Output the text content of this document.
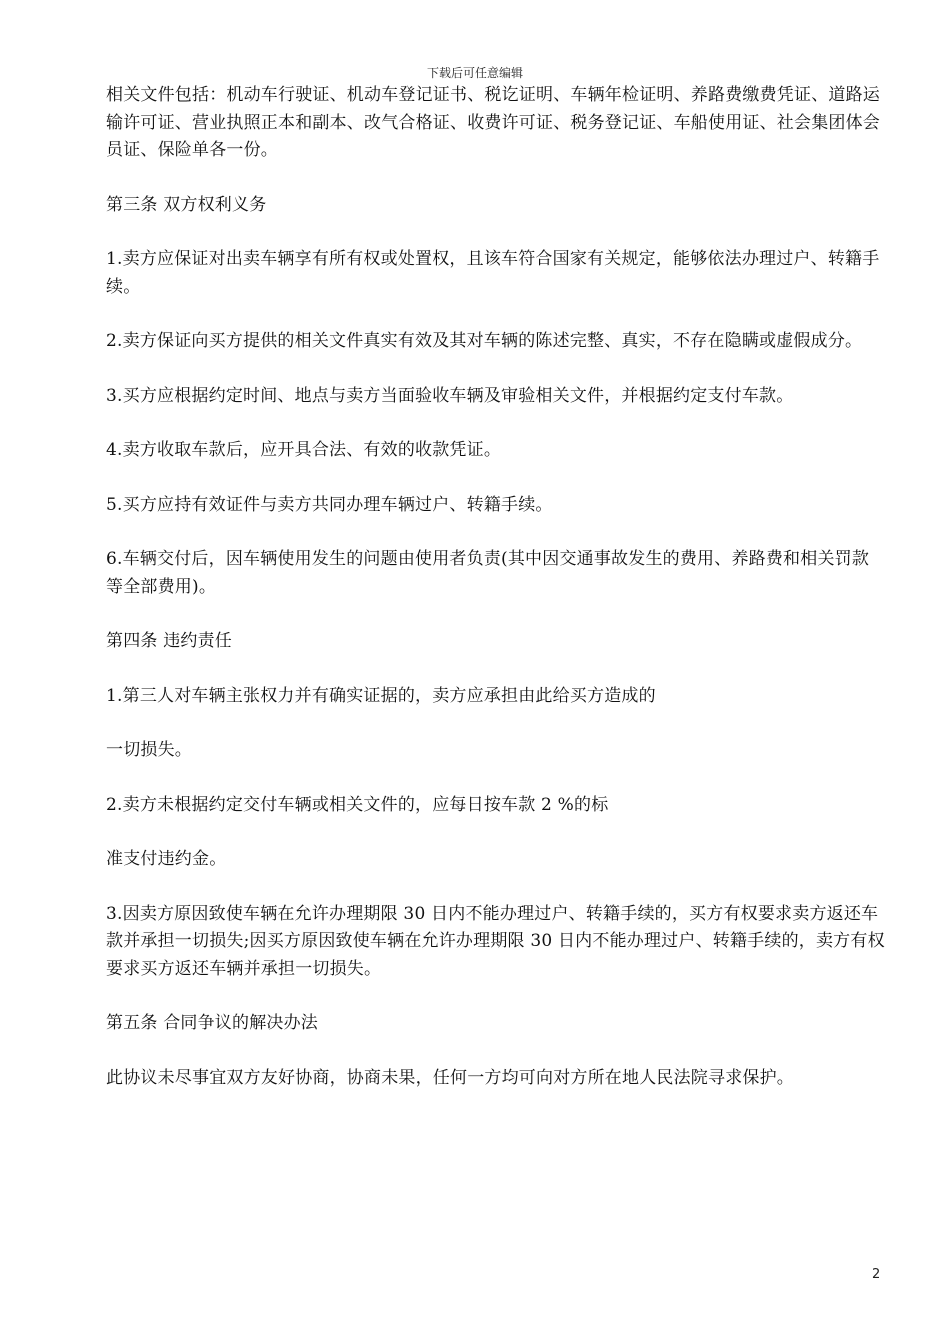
下载后可任意编辑

相关文件包括：机动车行驶证、机动车登记证书、税讫证明、车辆年检证明、养路费缴费凭证、道路运输许可证、营业执照正本和副本、改气合格证、收费许可证、税务登记证、车船使用证、社会集团体会员证、保险单各一份。

第三条 双方权利义务

1.卖方应保证对出卖车辆享有所有权或处置权，且该车符合国家有关规定，能够依法办理过户、转籍手续。

2.卖方保证向买方提供的相关文件真实有效及其对车辆的陈述完整、真实，不存在隐瞒或虚假成分。

3.买方应根据约定时间、地点与卖方当面验收车辆及审验相关文件，并根据约定支付车款。

4.卖方收取车款后，应开具合法、有效的收款凭证。

5.买方应持有效证件与卖方共同办理车辆过户、转籍手续。

6.车辆交付后，因车辆使用发生的问题由使用者负责(其中因交通事故发生的费用、养路费和相关罚款等全部费用)。

第四条 违约责任

1.第三人对车辆主张权力并有确实证据的，卖方应承担由此给买方造成的

一切损失。

2.卖方未根据约定交付车辆或相关文件的，应每日按车款 2 %的标

准支付违约金。

3.因卖方原因致使车辆在允许办理期限 30 日内不能办理过户、转籍手续的，买方有权要求卖方返还车款并承担一切损失;因买方原因致使车辆在允许办理期限 30 日内不能办理过户、转籍手续的，卖方有权要求买方返还车辆并承担一切损失。

第五条 合同争议的解决办法

此协议未尽事宜双方友好协商，协商未果，任何一方均可向对方所在地人民法院寻求保护。

2
